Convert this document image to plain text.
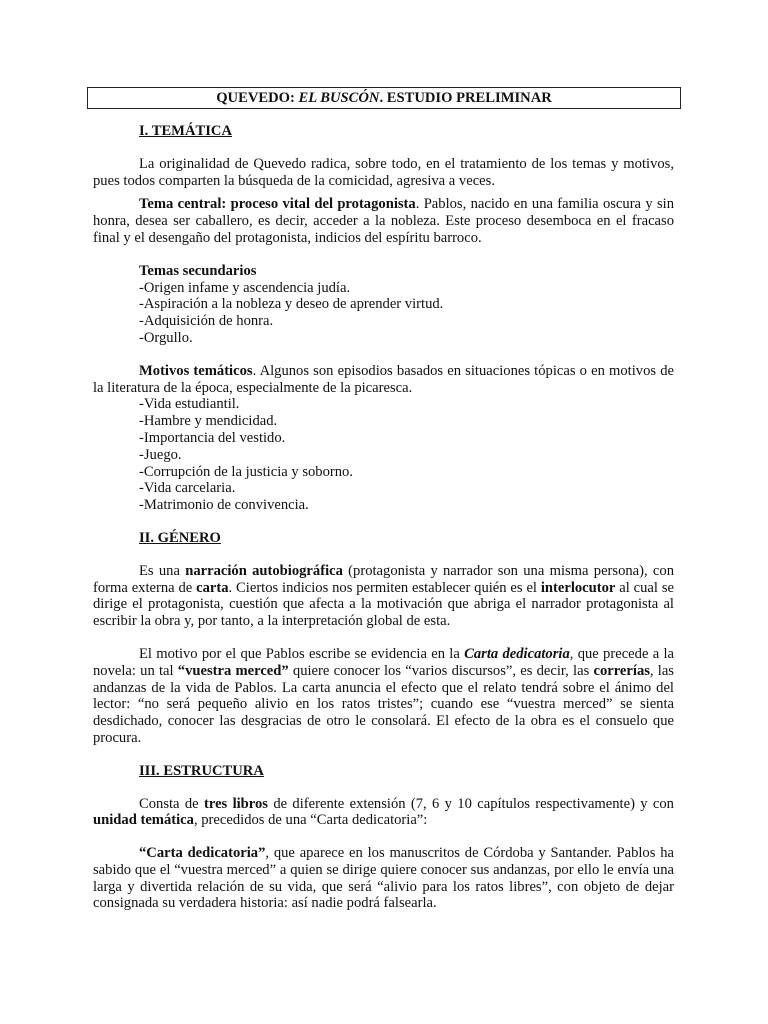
QUEVEDO: EL BUSCÓN. ESTUDIO PRELIMINAR

I. TEMÁTICA

La originalidad de Quevedo radica, sobre todo, en el tratamiento de los temas y motivos, pues todos comparten la búsqueda de la comicidad, agresiva a veces.

Tema central: proceso vital del protagonista. Pablos, nacido en una familia oscura y sin honra, desea ser caballero, es decir, acceder a la nobleza. Este proceso desemboca en el fracaso final y el desengaño del protagonista, indicios del espíritu barroco.

Temas secundarios

-Origen infame y ascendencia judía.

-Aspiración a la nobleza y deseo de aprender virtud.

-Adquisición de honra.

-Orgullo.

Motivos temáticos. Algunos son episodios basados en situaciones tópicas o en motivos de la literatura de la época, especialmente de la picaresca.

-Vida estudiantil.

-Hambre y mendicidad.

-Importancia del vestido.

-Juego.

-Corrupción de la justicia y soborno.

-Vida carcelaria.

-Matrimonio de convivencia.

II. GÉNERO

Es una narración autobiográfica (protagonista y narrador son una misma persona), con forma externa de carta. Ciertos indicios nos permiten establecer quién es el interlocutor al cual se dirige el protagonista, cuestión que afecta a la motivación que abriga el narrador protagonista al escribir la obra y, por tanto, a la interpretación global de esta.

El motivo por el que Pablos escribe se evidencia en la Carta dedicatoria, que precede a la novela: un tal “vuestra merced” quiere conocer los “varios discursos”, es decir, las correrías, las andanzas de la vida de Pablos. La carta anuncia el efecto que el relato tendrá sobre el ánimo del lector: “no será pequeño alivio en los ratos tristes”; cuando ese “vuestra merced” se sienta desdichado, conocer las desgracias de otro le consolará. El efecto de la obra es el consuelo que procura.

III. ESTRUCTURA

Consta de tres libros de diferente extensión (7, 6 y 10 capítulos respectivamente) y con unidad temática, precedidos de una “Carta dedicatoria”:

“Carta dedicatoria”, que aparece en los manuscritos de Córdoba y Santander. Pablos ha sabido que el “vuestra merced” a quien se dirige quiere conocer sus andanzas, por ello le envía una larga y divertida relación de su vida, que será “alivio para los ratos libres”, con objeto de dejar consignada su verdadera historia: así nadie podrá falsearla.
